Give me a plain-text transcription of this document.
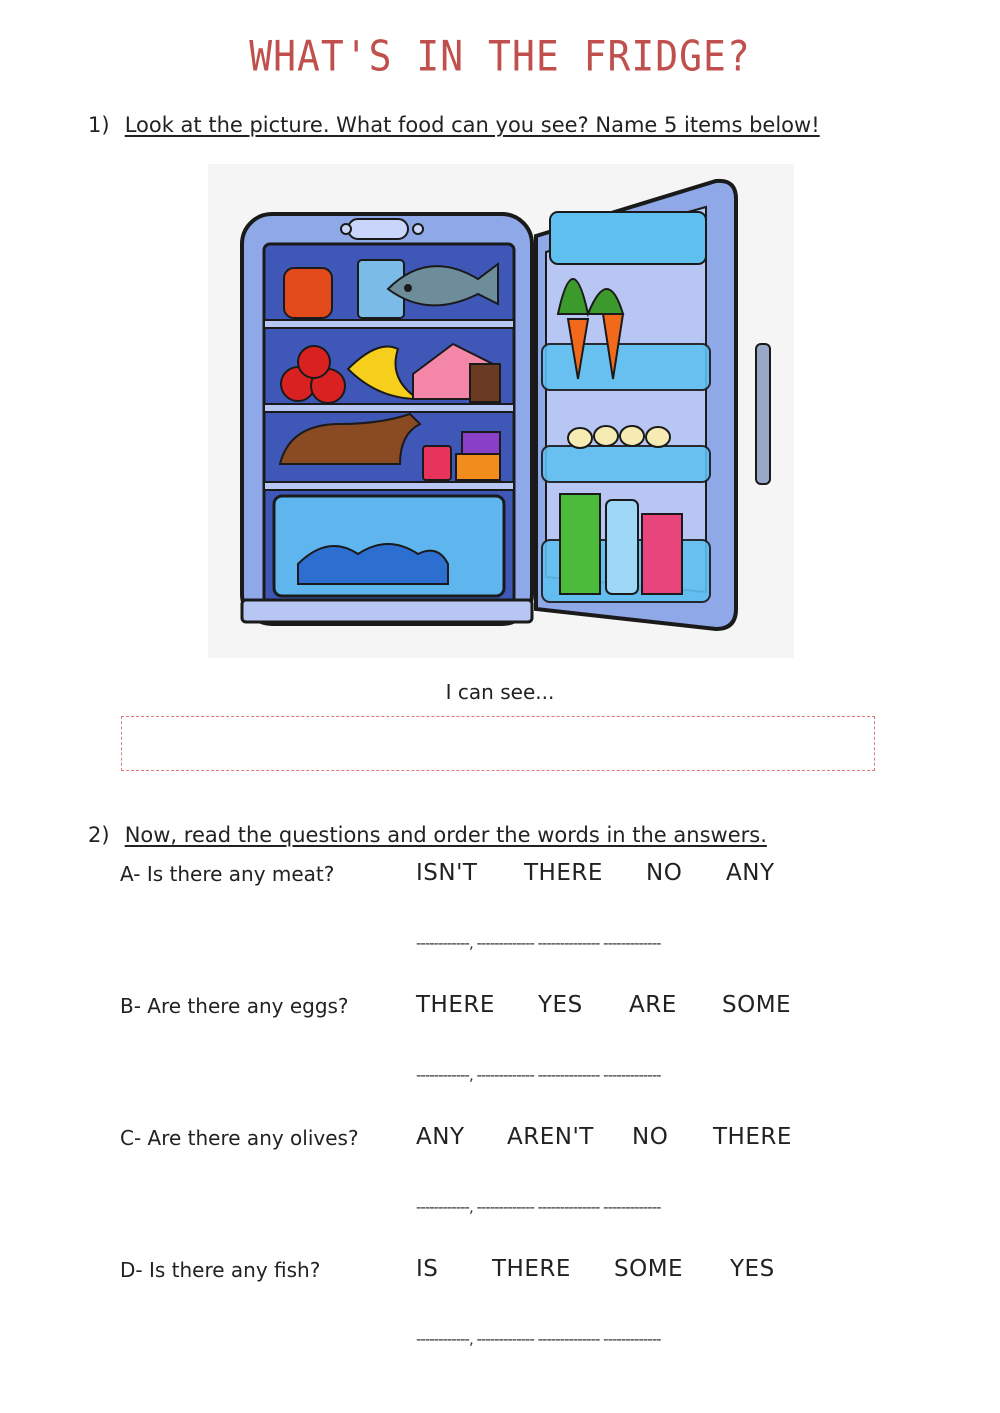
WHAT'S IN THE FRIDGE?
1) Look at the picture. What food can you see? Name 5 items below!
I can see...
2) Now, read the questions and order the words in the answers.
A- Is there any meat?	ISN'T THERE NO ANY
------------, ------------- -------------- -------------
B- Are there any eggs?	THERE YES ARE SOME
------------, ------------- -------------- -------------
C- Are there any olives? ANY AREN'T NO THERE
------------, ------------- -------------- -------------
D- Is there any fish?	IS THERE SOME YES
------------, ------------- -------------- -------------
